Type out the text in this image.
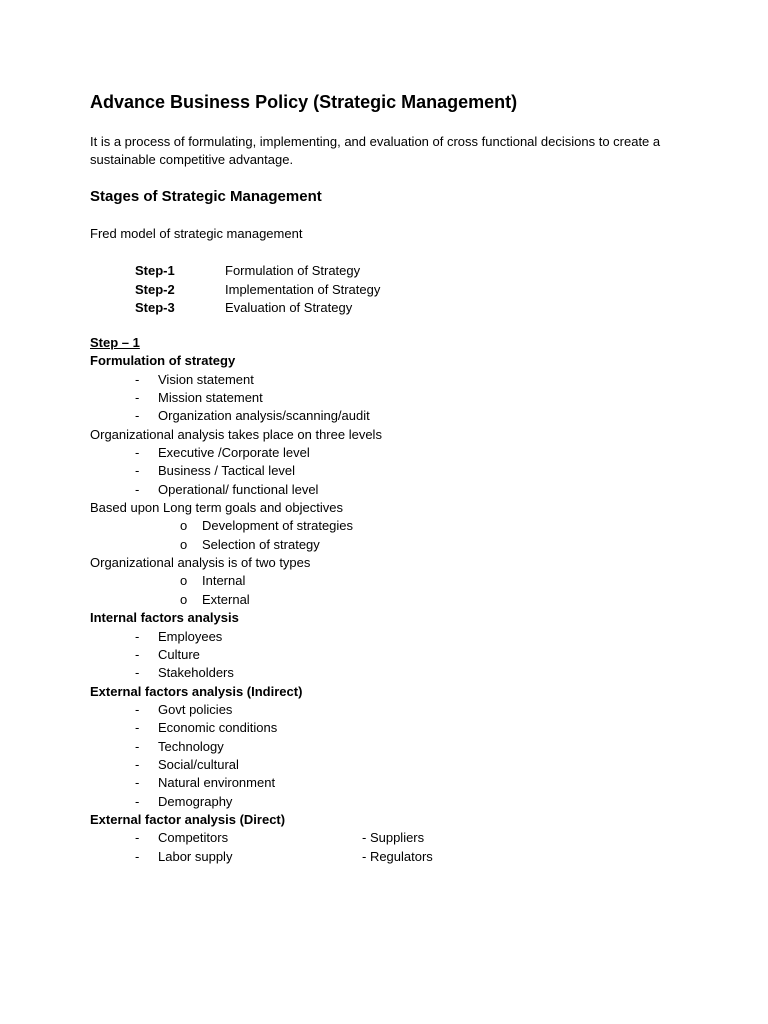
Advance Business Policy (Strategic Management)
It is a process of formulating, implementing, and evaluation of cross functional decisions to create a sustainable competitive advantage.
Stages of Strategic Management
Fred model of strategic management
Step-1	Formulation of Strategy
Step-2	Implementation of Strategy
Step-3	Evaluation of Strategy
Step – 1
Formulation of strategy
- Vision statement
- Mission statement
- Organization analysis/scanning/audit
Organizational analysis takes place on three levels
- Executive /Corporate level
- Business / Tactical level
- Operational/ functional level
Based upon Long term goals and objectives
o Development of strategies
o Selection of strategy
Organizational analysis is of two types
o Internal
o External
Internal factors analysis
- Employees
- Culture
- Stakeholders
External factors analysis (Indirect)
- Govt policies
- Economic conditions
- Technology
- Social/cultural
- Natural environment
- Demography
External factor analysis (Direct)
- Competitors	- Suppliers
- Labor supply	- Regulators
